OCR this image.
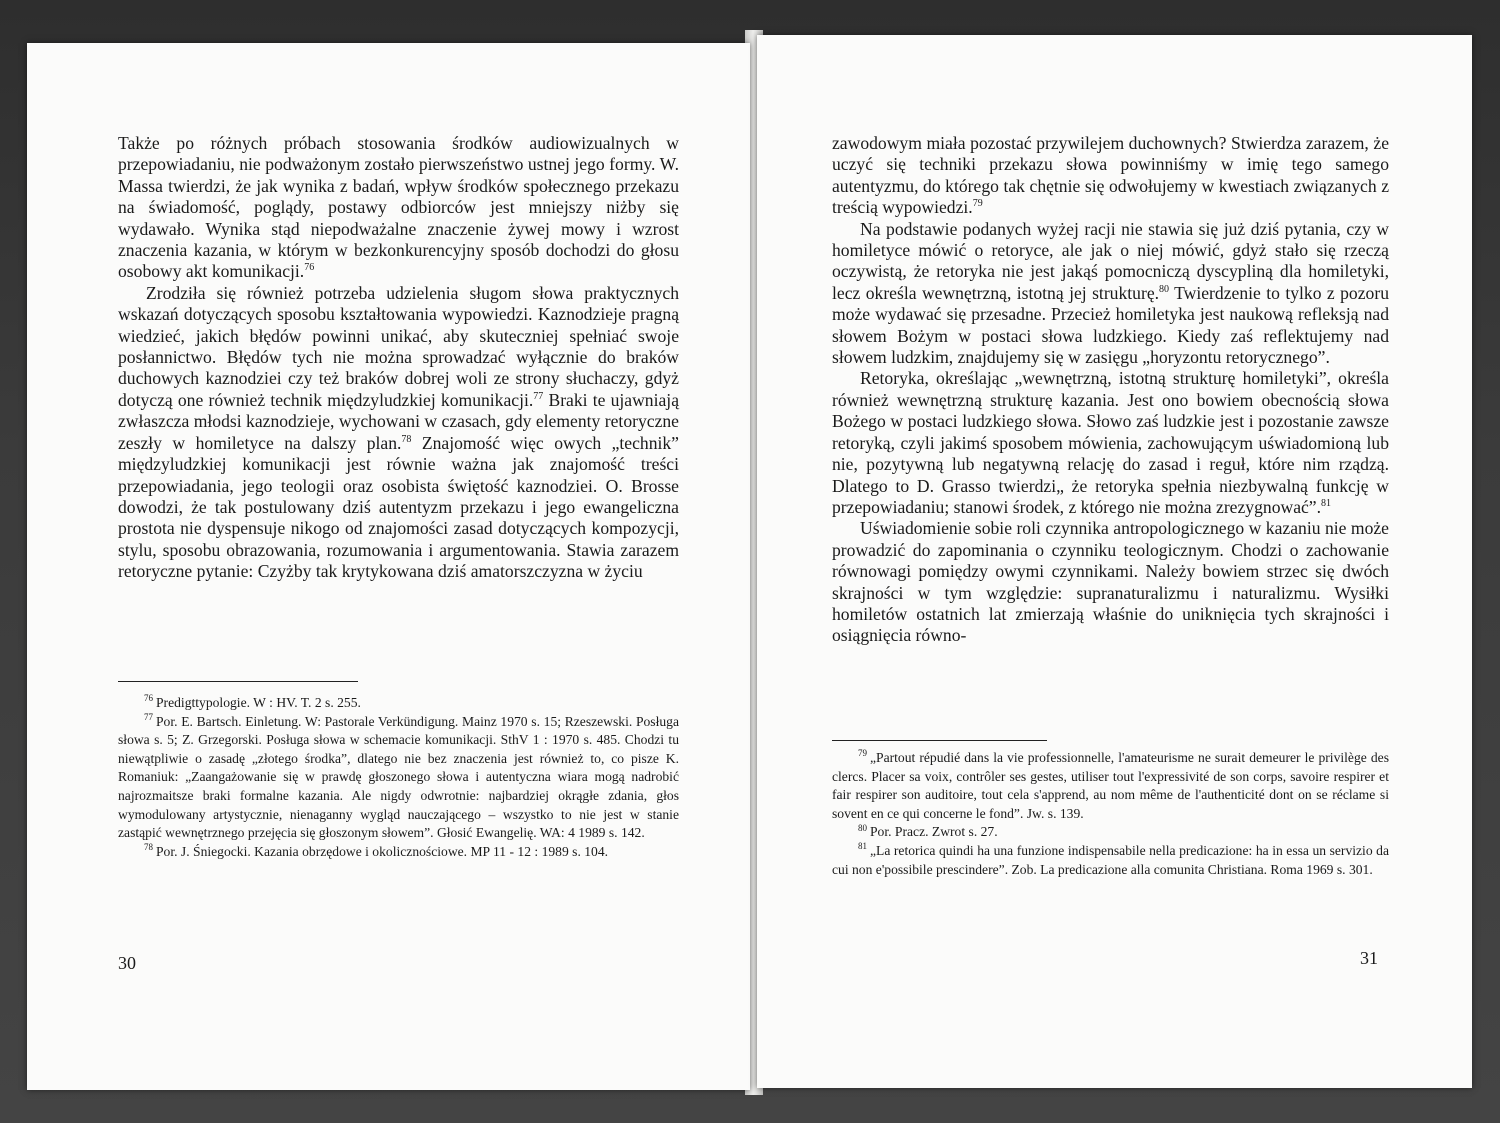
Także po różnych próbach stosowania środków audiowizualnych w przepowiadaniu, nie podważonym zostało pierwszeństwo ustnej jego formy. W. Massa twierdzi, że jak wynika z badań, wpływ środków społecznego przekazu na świadomość, poglądy, postawy odbiorców jest mniejszy niżby się wydawało. Wynika stąd niepodważalne znaczenie żywej mowy i wzrost znaczenia kazania, w którym w bezkonkurencyjny sposób dochodzi do głosu osobowy akt komunikacji.$^{76}$

Zrodziła się również potrzeba udzielenia sługom słowa praktycznych wskazań dotyczących sposobu kształtowania wypowiedzi. Kaznodzieje pragną wiedzieć, jakich błędów powinni unikać, aby skuteczniej spełniać swoje posłannictwo. Błędów tych nie można sprowadzać wyłącznie do braków duchowych kaznodziei czy też braków dobrej woli ze strony słuchaczy, gdyż dotyczą one również technik międzyludzkiej komunikacji.$^{77}$ Braki te ujawniają zwłaszcza młodsi kaznodzieje, wychowani w czasach, gdy elementy retoryczne zeszły w homiletyce na dalszy plan.$^{78}$ Znajomość więc owych „technik” międzyludzkiej komunikacji jest równie ważna jak znajomość treści przepowiadania, jego teologii oraz osobista świętość kaznodziei. O. Brosse dowodzi, że tak postulowany dziś autentyzm przekazu i jego ewangeliczna prostota nie dyspensuje nikogo od znajomości zasad dotyczących kompozycji, stylu, sposobu obrazowania, rozumowania i argumentowania. Stawia zarazem retoryczne pytanie: Czyżby tak krytykowana dziś amatorszczyzna w życiu

$^{76}$ Predigttypologie. W : HV. T. 2 s. 255.

$^{77}$ Por. E. Bartsch. Einletung. W: Pastorale Verkündigung. Mainz 1970 s. 15; Rzeszewski. Posługa słowa s. 5; Z. Grzegorski. Posługa słowa w schemacie komunikacji. SthV 1 : 1970 s. 485. Chodzi tu niewątpliwie o zasadę „złotego środka”, dlatego nie bez znaczenia jest również to, co pisze K. Romaniuk: „Zaangażowanie się w prawdę głoszonego słowa i autentyczna wiara mogą nadrobić najrozmaitsze braki formalne kazania. Ale nigdy odwrotnie: najbardziej okrągłe zdania, głos wymodulowany artystycznie, nienaganny wygląd nauczającego – wszystko to nie jest w stanie zastąpić wewnętrznego przejęcia się głoszonym słowem”. Głosić Ewangelię. WA: 4 1989 s. 142.

$^{78}$ Por. J. Śniegocki. Kazania obrzędowe i okolicznościowe. MP 11 - 12 : 1989 s. 104.

30

zawodowym miała pozostać przywilejem duchownych? Stwierdza zarazem, że uczyć się techniki przekazu słowa powinniśmy w imię tego samego autentyzmu, do którego tak chętnie się odwołujemy w kwestiach związanych z treścią wypowiedzi.$^{79}$

Na podstawie podanych wyżej racji nie stawia się już dziś pytania, czy w homiletyce mówić o retoryce, ale jak o niej mówić, gdyż stało się rzeczą oczywistą, że retoryka nie jest jakąś pomocniczą dyscypliną dla homiletyki, lecz określa wewnętrzną, istotną jej strukturę.$^{80}$ Twierdzenie to tylko z pozoru może wydawać się przesadne. Przecież homiletyka jest naukową refleksją nad słowem Bożym w postaci słowa ludzkiego. Kiedy zaś reflektujemy nad słowem ludzkim, znajdujemy się w zasięgu „horyzontu retorycznego”.

Retoryka, określając „wewnętrzną, istotną strukturę homiletyki”, określa również wewnętrzną strukturę kazania. Jest ono bowiem obecnością słowa Bożego w postaci ludzkiego słowa. Słowo zaś ludzkie jest i pozostanie zawsze retoryką, czyli jakimś sposobem mówienia, zachowującym uświadomioną lub nie, pozytywną lub negatywną relację do zasad i reguł, które nim rządzą. Dlatego to D. Grasso twierdzi„ że retoryka spełnia niezbywalną funkcję w przepowiadaniu; stanowi środek, z którego nie można zrezygnować”.$^{81}$

Uświadomienie sobie roli czynnika antropologicznego w kazaniu nie może prowadzić do zapominania o czynniku teologicznym. Chodzi o zachowanie równowagi pomiędzy owymi czynnikami. Należy bowiem strzec się dwóch skrajności w tym względzie: supranaturalizmu i naturalizmu. Wysiłki homiletów ostatnich lat zmierzają właśnie do uniknięcia tych skrajności i osiągnięcia równo-

$^{79}$ „Partout répudié dans la vie professionnelle, l'amateurisme ne surait demeurer le privilège des clercs. Placer sa voix, contrôler ses gestes, utiliser tout l'expressivité de son corps, savoire respirer et fair respirer son auditoire, tout cela s'apprend, au nom même de l'authenticité dont on se réclame si sovent en ce qui concerne le fond”. Jw. s. 139.

$^{80}$ Por. Pracz. Zwrot s. 27.

$^{81}$ „La retorica quindi ha una funzione indispensabile nella predicazione: ha in essa un servizio da cui non e'possibile prescindere”. Zob. La predicazione alla comunita Christiana. Roma 1969 s. 301.

31
